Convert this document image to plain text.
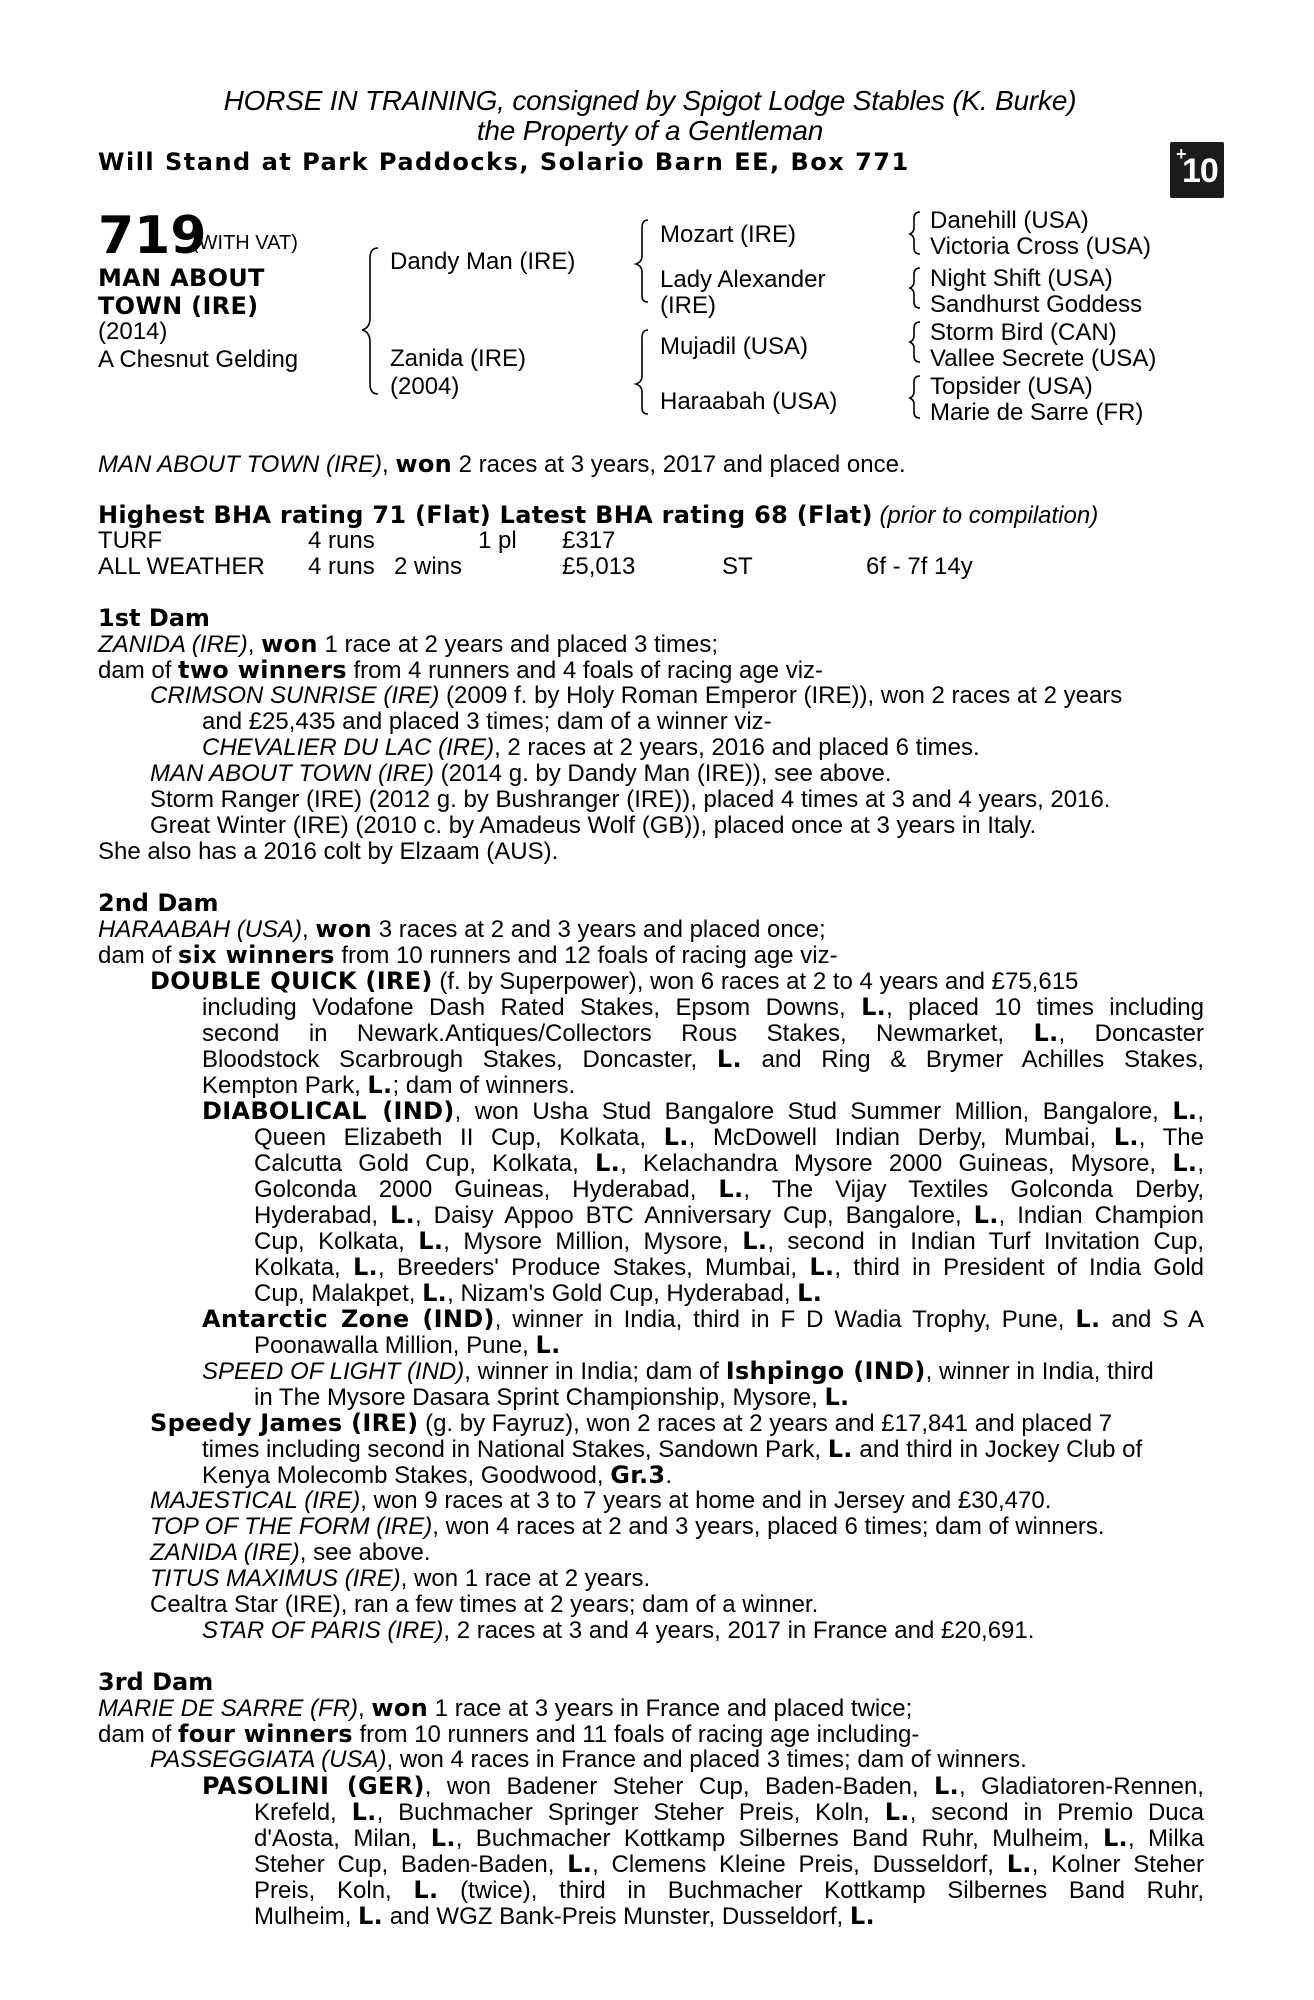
HORSE IN TRAINING, consigned by Spigot Lodge Stables (K. Burke)
the Property of a Gentleman
Will Stand at Park Paddocks, Solario Barn EE, Box 771	+
10
719
(WITH VAT)
MAN ABOUT
TOWN (IRE)
(2014)
A Chesnut Gelding
Dandy Man (IRE)
Zanida (IRE)
(2004)
Mozart (IRE)
Lady Alexander
(IRE)
Mujadil (USA)
Haraabah (USA)
Danehill (USA)
Victoria Cross (USA)
Night Shift (USA)
Sandhurst Goddess
Storm Bird (CAN)
Vallee Secrete (USA)
Topsider (USA)
Marie de Sarre (FR)
MAN ABOUT TOWN (IRE), won 2 races at 3 years, 2017 and placed once.
Highest BHA rating 71 (Flat) Latest BHA rating 68 (Flat) (prior to compilation)
TURF	4 runs	1 pl £317
ALL WEATHER 4 runs 2 wins	£5,013	ST	6f - 7f 14y
1st Dam
ZANIDA (IRE), won 1 race at 2 years and placed 3 times;
dam of two winners from 4 runners and 4 foals of racing age viz-
CRIMSON SUNRISE (IRE) (2009 f. by Holy Roman Emperor (IRE)), won 2 races at 2 years
and £25,435 and placed 3 times; dam of a winner viz-
CHEVALIER DU LAC (IRE), 2 races at 2 years, 2016 and placed 6 times.
MAN ABOUT TOWN (IRE) (2014 g. by Dandy Man (IRE)), see above.
Storm Ranger (IRE) (2012 g. by Bushranger (IRE)), placed 4 times at 3 and 4 years, 2016.
Great Winter (IRE) (2010 c. by Amadeus Wolf (GB)), placed once at 3 years in Italy.
She also has a 2016 colt by Elzaam (AUS).
2nd Dam
HARAABAH (USA), won 3 races at 2 and 3 years and placed once;
dam of six winners from 10 runners and 12 foals of racing age viz-
DOUBLE QUICK (IRE) (f. by Superpower), won 6 races at 2 to 4 years and £75,615
including Vodafone Dash Rated Stakes, Epsom Downs, L., placed 10 times including
second in Newark.Antiques/Collectors Rous Stakes, Newmarket, L., Doncaster
Bloodstock Scarbrough Stakes, Doncaster, L. and Ring & Brymer Achilles Stakes,
Kempton Park, L.; dam of winners.
DIABOLICAL (IND), won Usha Stud Bangalore Stud Summer Million, Bangalore, L.,
Queen Elizabeth II Cup, Kolkata, L., McDowell Indian Derby, Mumbai, L., The
Calcutta Gold Cup, Kolkata, L., Kelachandra Mysore 2000 Guineas, Mysore, L.,
Golconda 2000 Guineas, Hyderabad, L., The Vijay Textiles Golconda Derby,
Hyderabad, L., Daisy Appoo BTC Anniversary Cup, Bangalore, L., Indian Champion
Cup, Kolkata, L., Mysore Million, Mysore, L., second in Indian Turf Invitation Cup,
Kolkata, L., Breeders' Produce Stakes, Mumbai, L., third in President of India Gold
Cup, Malakpet, L., Nizam's Gold Cup, Hyderabad, L.
Antarctic Zone (IND), winner in India, third in F D Wadia Trophy, Pune, L. and S A
Poonawalla Million, Pune, L.
SPEED OF LIGHT (IND), winner in India; dam of Ishpingo (IND), winner in India, third
in The Mysore Dasara Sprint Championship, Mysore, L.
Speedy James (IRE) (g. by Fayruz), won 2 races at 2 years and £17,841 and placed 7
times including second in National Stakes, Sandown Park, L. and third in Jockey Club of
Kenya Molecomb Stakes, Goodwood, Gr.3.
MAJESTICAL (IRE), won 9 races at 3 to 7 years at home and in Jersey and £30,470.
TOP OF THE FORM (IRE), won 4 races at 2 and 3 years, placed 6 times; dam of winners.
ZANIDA (IRE), see above.
TITUS MAXIMUS (IRE), won 1 race at 2 years.
Cealtra Star (IRE), ran a few times at 2 years; dam of a winner.
STAR OF PARIS (IRE), 2 races at 3 and 4 years, 2017 in France and £20,691.
3rd Dam
MARIE DE SARRE (FR), won 1 race at 3 years in France and placed twice;
dam of four winners from 10 runners and 11 foals of racing age including-
PASSEGGIATA (USA), won 4 races in France and placed 3 times; dam of winners.
PASOLINI (GER), won Badener Steher Cup, Baden-Baden, L., Gladiatoren-Rennen,
Krefeld, L., Buchmacher Springer Steher Preis, Koln, L., second in Premio Duca
d'Aosta, Milan, L., Buchmacher Kottkamp Silbernes Band Ruhr, Mulheim, L., Milka
Steher Cup, Baden-Baden, L., Clemens Kleine Preis, Dusseldorf, L., Kolner Steher
Preis, Koln, L. (twice), third in Buchmacher Kottkamp Silbernes Band Ruhr,
Mulheim, L. and WGZ Bank-Preis Munster, Dusseldorf, L.
